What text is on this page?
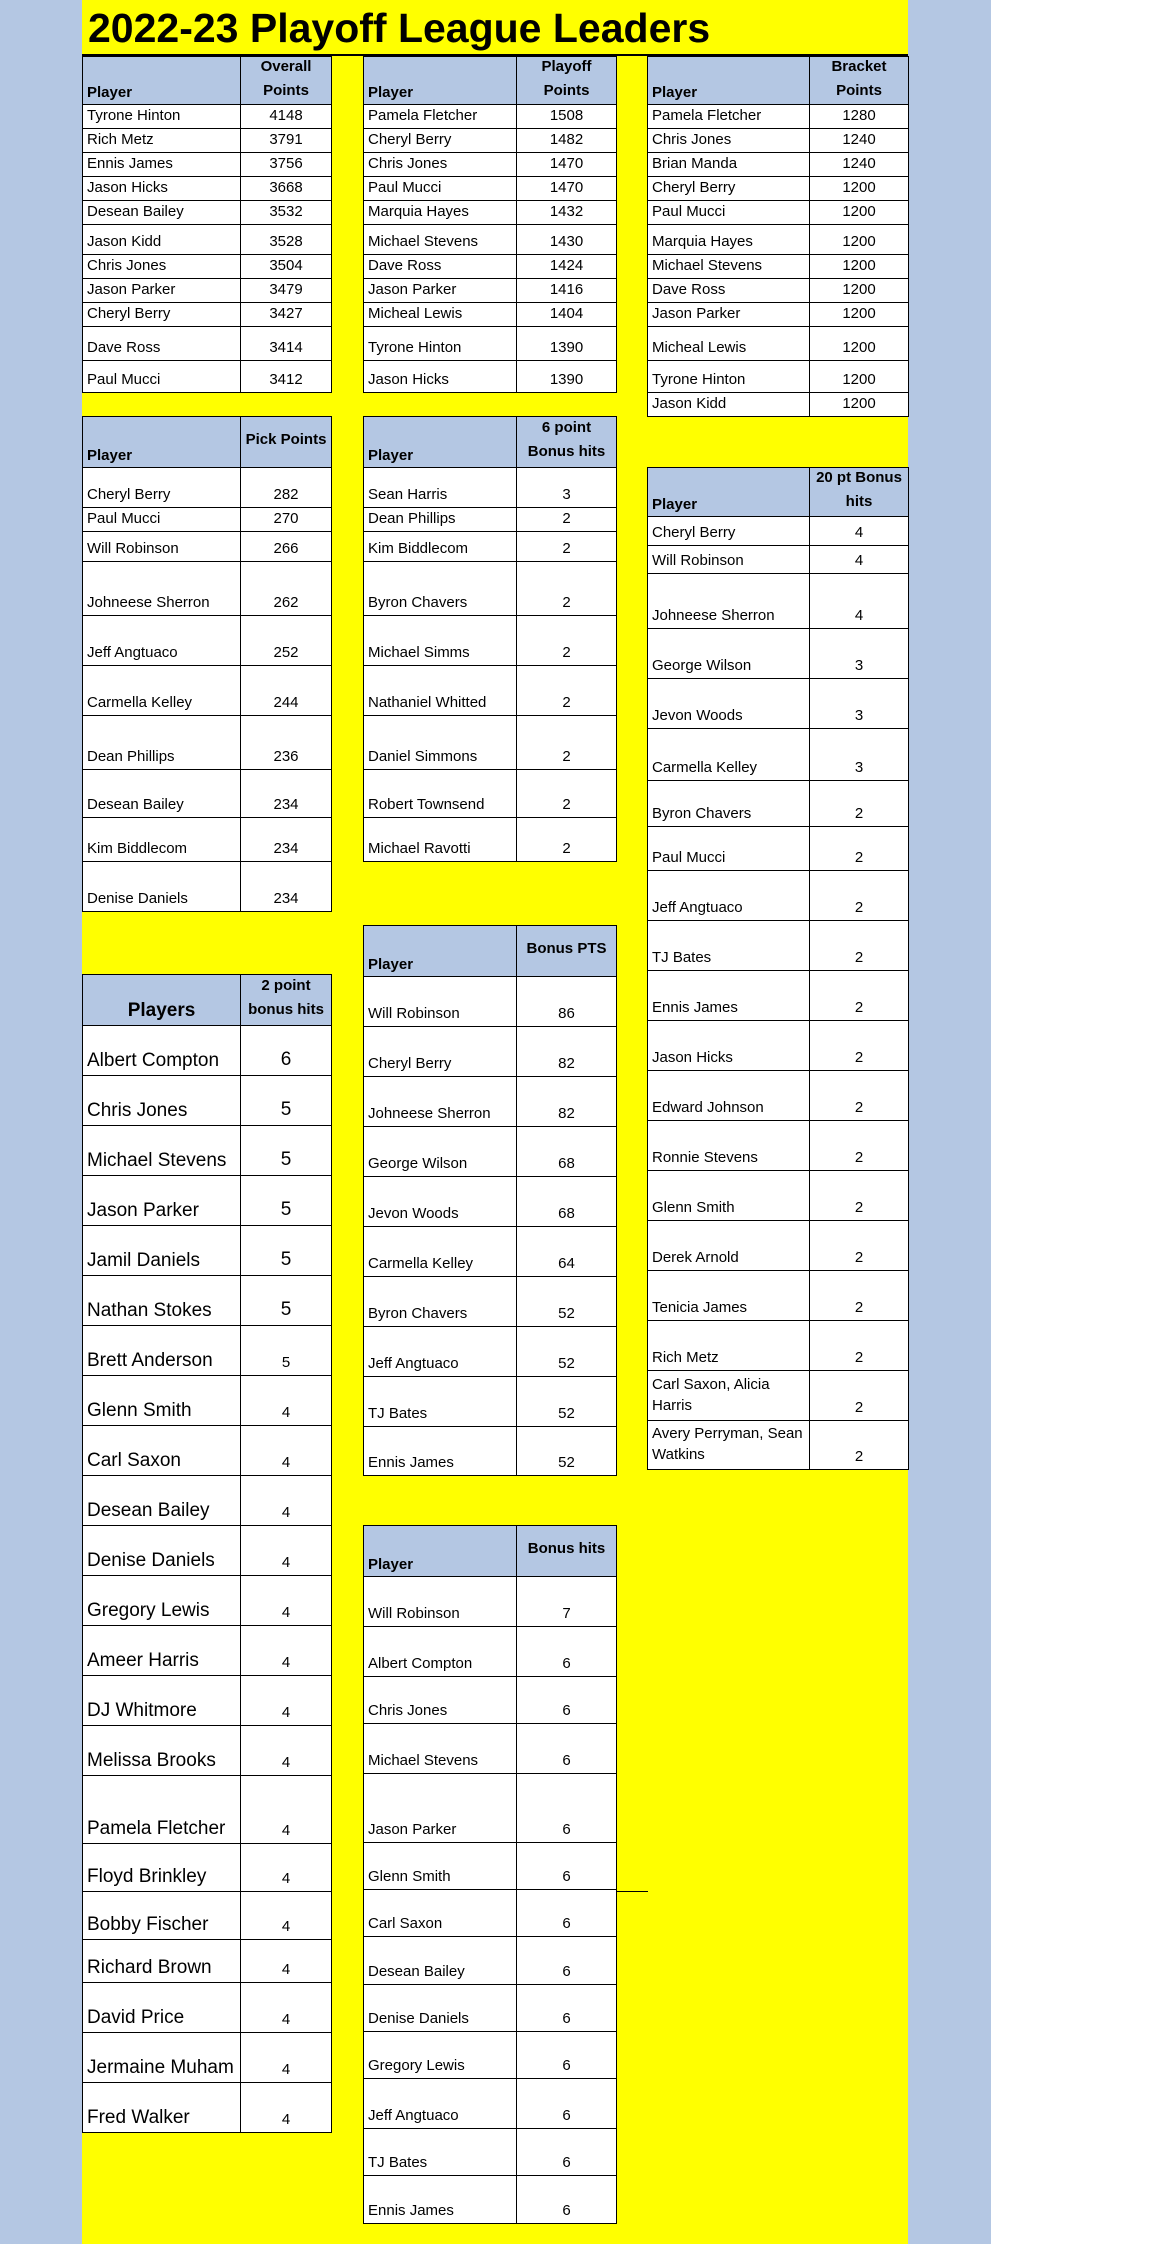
2022-23 Playoff League Leaders
Player
Overall Points
Tyrone Hinton	4148
Rich Metz	3791
Ennis James	3756
Jason Hicks	3668
Desean Bailey	3532
Jason Kidd	3528
Chris Jones	3504
Jason Parker	3479
Cheryl Berry	3427
Dave Ross	3414
Paul Mucci	3412
Player
Playoff Points
Pamela Fletcher	1508
Cheryl Berry	1482
Chris Jones	1470
Paul Mucci	1470
Marquia Hayes	1432
Michael Stevens	1430
Dave Ross	1424
Jason Parker	1416
Micheal Lewis	1404
Tyrone Hinton	1390
Jason Hicks	1390
Player
Bracket Points
Pamela Fletcher	1280
Chris Jones	1240
Brian Manda	1240
Cheryl Berry	1200
Paul Mucci	1200
Marquia Hayes	1200
Michael Stevens	1200
Dave Ross	1200
Jason Parker	1200
Micheal Lewis	1200
Tyrone Hinton	1200
Jason Kidd	1200
Player
Pick Points
Cheryl Berry	282
Paul Mucci	270
Will Robinson	266
Johneese Sherron	262
Jeff Angtuaco	252
Carmella Kelley	244
Dean Phillips	236
Desean Bailey	234
Kim Biddlecom	234
Denise Daniels	234
Player
6 point Bonus hits
Sean Harris	3
Dean Phillips	2
Kim Biddlecom	2
Byron Chavers	2
Michael Simms	2
Nathaniel Whitted	2
Daniel Simmons	2
Robert Townsend	2
Michael Ravotti	2
Player
20 pt Bonus hits
Cheryl Berry	4
Will Robinson	4
Johneese Sherron	4
George Wilson	3
Jevon Woods	3
Carmella Kelley	3
Byron Chavers	2
Paul Mucci	2
Jeff Angtuaco	2
TJ Bates	2
Ennis James	2
Jason Hicks	2
Edward Johnson	2
Ronnie Stevens	2
Glenn Smith	2
Derek Arnold	2
Tenicia James	2
Rich Metz	2
Carl Saxon, Alicia Harris	2
Avery Perryman, Sean Watkins	2
Players
2 point bonus hits
Albert Compton	6
Chris Jones	5
Michael Stevens	5
Jason Parker	5
Jamil Daniels	5
Nathan Stokes	5
Brett Anderson	5
Glenn Smith	4
Carl Saxon	4
Desean Bailey	4
Denise Daniels	4
Gregory Lewis	4
Ameer Harris	4
DJ Whitmore	4
Melissa Brooks	4
Pamela Fletcher	4
Floyd Brinkley	4
Bobby Fischer	4
Richard Brown	4
David Price	4
Jermaine Muham	4
Fred Walker	4
Player
Bonus PTS
Will Robinson	86
Cheryl Berry	82
Johneese Sherron	82
George Wilson	68
Jevon Woods	68
Carmella Kelley	64
Byron Chavers	52
Jeff Angtuaco	52
TJ Bates	52
Ennis James	52
Player
Bonus hits
Will Robinson	7
Albert Compton	6
Chris Jones	6
Michael Stevens	6
Jason Parker	6
Glenn Smith	6
Carl Saxon	6
Desean Bailey	6
Denise Daniels	6
Gregory Lewis	6
Jeff Angtuaco	6
TJ Bates	6
Ennis James	6
